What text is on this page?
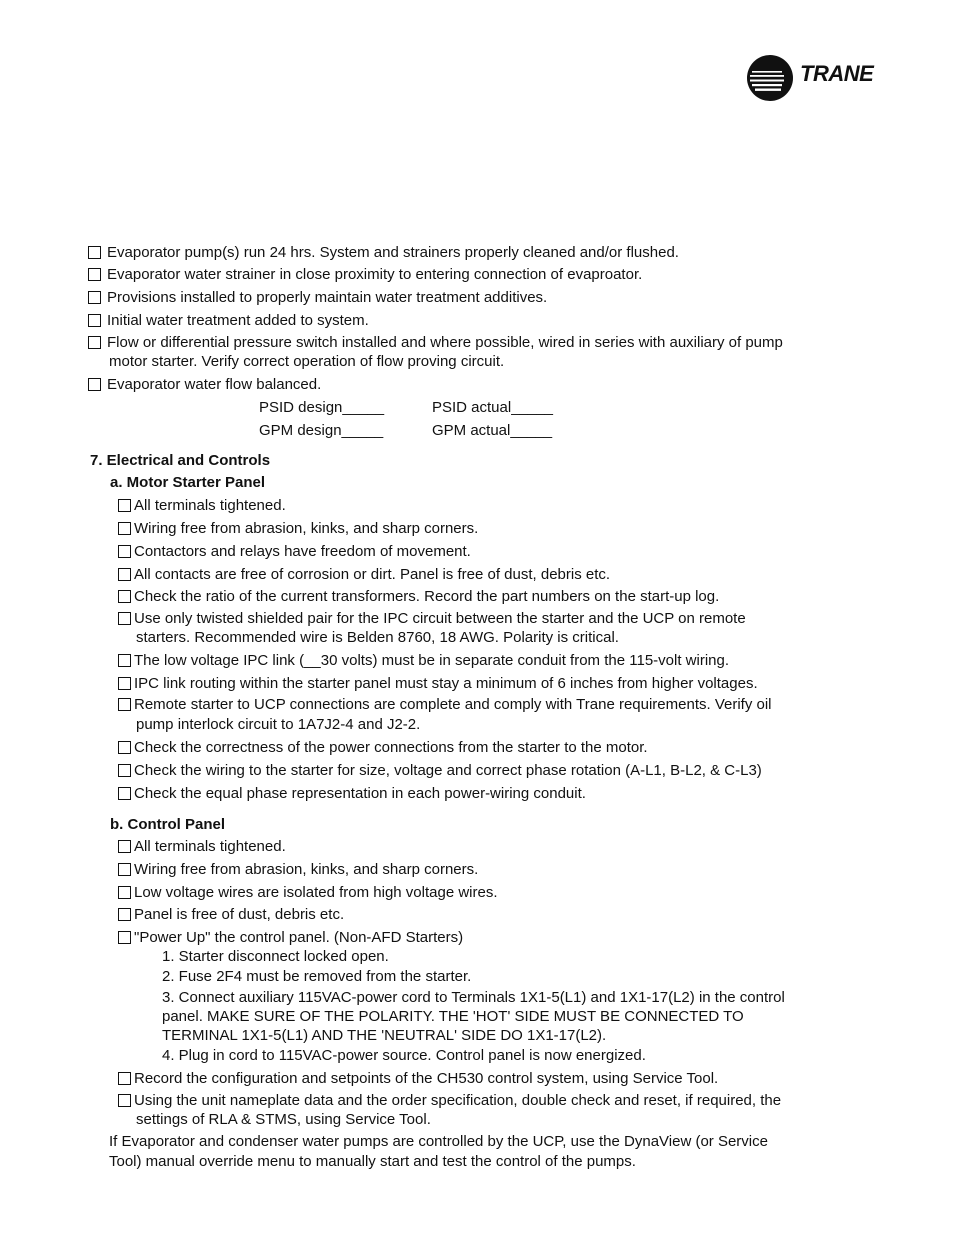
TRANE
Evaporator pump(s) run 24 hrs. System and strainers properly cleaned and/or flushed.
Evaporator water strainer in close proximity to entering connection of evaproator.
Provisions installed to properly maintain water treatment additives.
Initial water treatment added to system.
Flow or differential pressure switch installed and where possible, wired in series with auxiliary of pump
motor starter. Verify correct operation of flow proving circuit.
Evaporator water flow balanced.
PSID design_____	PSID actual_____
GPM design_____	GPM actual_____
7. Electrical and Controls
a. Motor Starter Panel
All terminals tightened.
Wiring free from abrasion, kinks, and sharp corners.
Contactors and relays have freedom of movement.
All contacts are free of corrosion or dirt. Panel is free of dust, debris etc.
Check the ratio of the current transformers. Record the part numbers on the start-up log.
Use only twisted shielded pair for the IPC circuit between the starter and the UCP on remote
starters. Recommended wire is Belden 8760, 18 AWG. Polarity is critical.
The low voltage IPC link (__30 volts) must be in separate conduit from the 115-volt wiring.
IPC link routing within the starter panel must stay a minimum of 6 inches from higher voltages.
Remote starter to UCP connections are complete and comply with Trane requirements. Verify oil
pump interlock circuit to 1A7J2-4 and J2-2.
Check the correctness of the power connections from the starter to the motor.
Check the wiring to the starter for size, voltage and correct phase rotation (A-L1, B-L2, & C-L3)
Check the equal phase representation in each power-wiring conduit.
b. Control Panel
All terminals tightened.
Wiring free from abrasion, kinks, and sharp corners.
Low voltage wires are isolated from high voltage wires.
Panel is free of dust, debris etc.
"Power Up" the control panel. (Non-AFD Starters)
1. Starter disconnect locked open.
2. Fuse 2F4 must be removed from the starter.
3. Connect auxiliary 115VAC-power cord to Terminals 1X1-5(L1) and 1X1-17(L2) in the control
panel. MAKE SURE OF THE POLARITY. THE 'HOT' SIDE MUST BE CONNECTED TO
TERMINAL 1X1-5(L1) AND THE 'NEUTRAL' SIDE DO 1X1-17(L2).
4. Plug in cord to 115VAC-power source. Control panel is now energized.
Record the configuration and setpoints of the CH530 control system, using Service Tool.
Using the unit nameplate data and the order specification, double check and reset, if required, the
settings of RLA & STMS, using Service Tool.
If Evaporator and condenser water pumps are controlled by the UCP, use the DynaView (or Service
Tool) manual override menu to manually start and test the control of the pumps.
